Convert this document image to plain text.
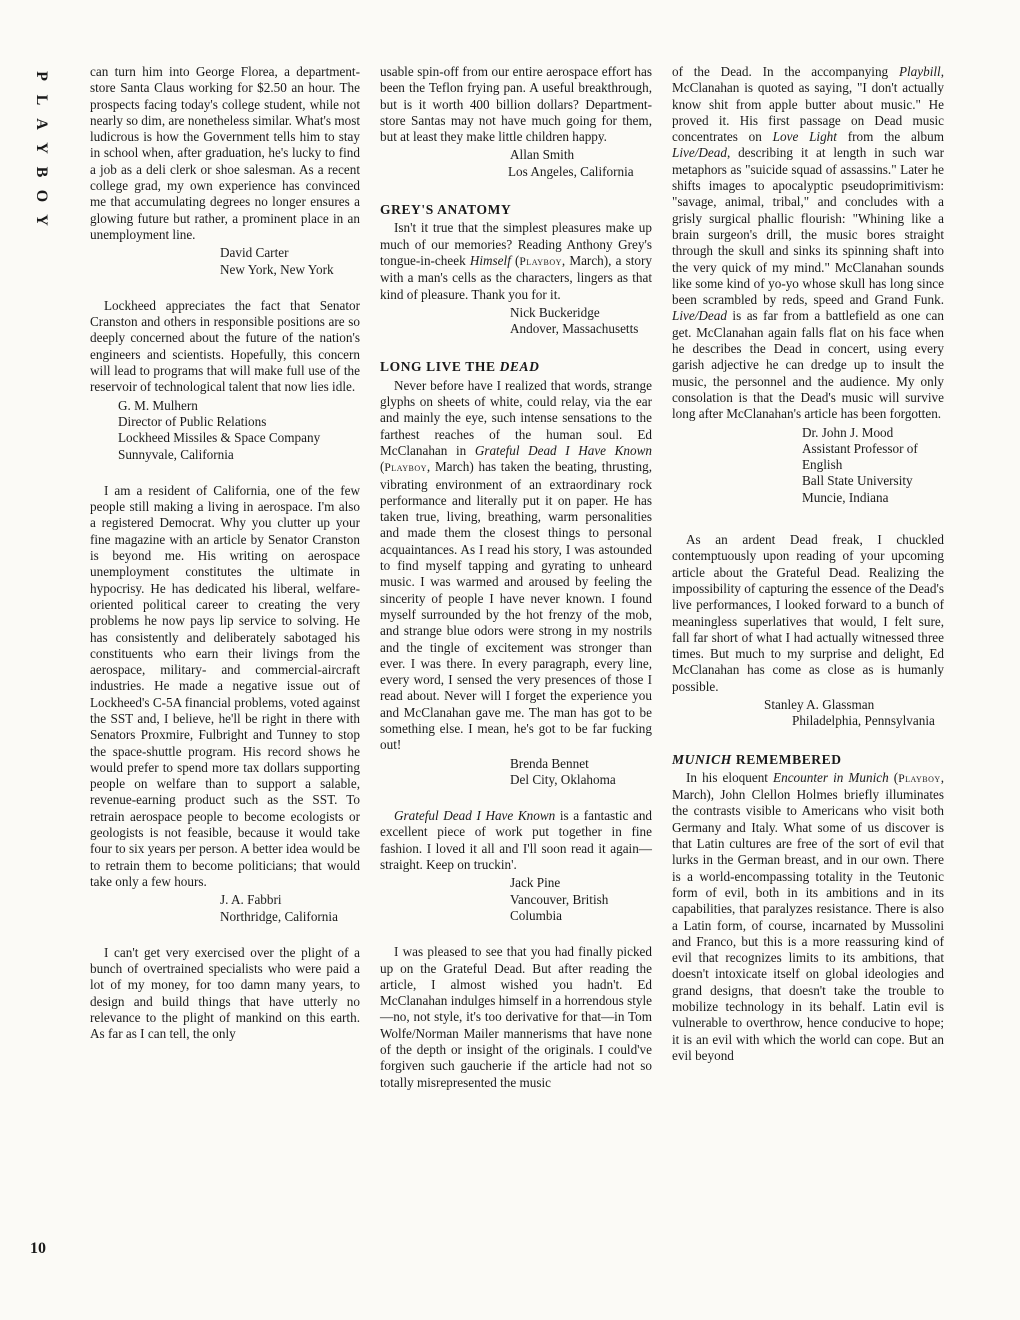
P
L
A
Y
B
O
Y
10

can turn him into George Florea, a department-store Santa Claus working for $2.50 an hour. The prospects facing today's college student, while not nearly so dim, are nonetheless similar. What's most ludicrous is how the Government tells him to stay in school when, after graduation, he's lucky to find a job as a deli clerk or shoe salesman. As a recent college grad, my own experience has convinced me that accumulating degrees no longer ensures a glowing future but rather, a prominent place in an unemployment line.

David Carter
New York, New York

Lockheed appreciates the fact that Senator Cranston and others in responsible positions are so deeply concerned about the future of the nation's engineers and scientists. Hopefully, this concern will lead to programs that will make full use of the reservoir of technological talent that now lies idle.

G. M. Mulhern
Director of Public Relations
Lockheed Missiles & Space Company
Sunnyvale, California

I am a resident of California, one of the few people still making a living in aerospace. I'm also a registered Democrat. Why you clutter up your fine magazine with an article by Senator Cranston is beyond me. His writing on aerospace unemployment constitutes the ultimate in hypocrisy. He has dedicated his liberal, welfare-oriented political career to creating the very problems he now pays lip service to solving. He has consistently and deliberately sabotaged his constituents who earn their livings from the aerospace, military- and commercial-aircraft industries. He made a negative issue out of Lockheed's C-5A financial problems, voted against the SST and, I believe, he'll be right in there with Senators Proxmire, Fulbright and Tunney to stop the space-shuttle program. His record shows he would prefer to spend more tax dollars supporting people on welfare than to support a salable, revenue-earning product such as the SST. To retrain aerospace people to become ecologists or geologists is not feasible, because it would take four to six years per person. A better idea would be to retrain them to become politicians; that would take only a few hours.

J. A. Fabbri
Northridge, California

I can't get very exercised over the plight of a bunch of overtrained specialists who were paid a lot of my money, for too damn many years, to design and build things that have utterly no relevance to the plight of mankind on this earth. As far as I can tell, the only

usable spin-off from our entire aerospace effort has been the Teflon frying pan. A useful breakthrough, but is it worth 400 billion dollars? Department-store Santas may not have much going for them, but at least they make little children happy.

Allan Smith
Los Angeles, California
GREY'S ANATOMY

Isn't it true that the simplest pleasures make up much of our memories? Reading Anthony Grey's tongue-in-cheek Himself (Playboy, March), a story with a man's cells as the characters, lingers as that kind of pleasure. Thank you for it.

Nick Buckeridge
Andover, Massachusetts
LONG LIVE THE DEAD

Never before have I realized that words, strange glyphs on sheets of white, could relay, via the ear and mainly the eye, such intense sensations to the farthest reaches of the human soul. Ed McClanahan in Grateful Dead I Have Known (Playboy, March) has taken the beating, thrusting, vibrating environment of an extraordinary rock performance and literally put it on paper. He has taken true, living, breathing, warm personalities and made them the closest things to personal acquaintances. As I read his story, I was astounded to find myself tapping and gyrating to unheard music. I was warmed and aroused by feeling the sincerity of people I have never known. I found myself surrounded by the hot frenzy of the mob, and strange blue odors were strong in my nostrils and the tingle of excitement was stronger than ever. I was there. In every paragraph, every line, every word, I sensed the very presences of those I read about. Never will I forget the experience you and McClanahan gave me. The man has got to be something else. I mean, he's got to be far fucking out!

Brenda Bennet
Del City, Oklahoma

Grateful Dead I Have Known is a fantastic and excellent piece of work put together in fine fashion. I loved it all and I'll soon read it again—straight. Keep on truckin'.

Jack Pine
Vancouver, British Columbia

I was pleased to see that you had finally picked up on the Grateful Dead. But after reading the article, I almost wished you hadn't. Ed McClanahan indulges himself in a horrendous style—no, not style, it's too derivative for that—in Tom Wolfe/Norman Mailer mannerisms that have none of the depth or insight of the originals. I could've forgiven such gaucherie if the article had not so totally misrepresented the music

of the Dead. In the accompanying Playbill, McClanahan is quoted as saying, "I don't actually know shit from apple butter about music." He proved it. His first passage on Dead music concentrates on Love Light from the album Live/Dead, describing it at length in such war metaphors as "suicide squad of assassins." Later he shifts images to apocalyptic pseudoprimitivism: "savage, animal, tribal," and concludes with a grisly surgical phallic flourish: "Whining like a brain surgeon's drill, the music bores straight through the skull and sinks its spinning shaft into the very quick of my mind." McClanahan sounds like some kind of yo-yo whose skull has long since been scrambled by reds, speed and Grand Funk. Live/Dead is as far from a battlefield as one can get. McClanahan again falls flat on his face when he describes the Dead in concert, using every garish adjective he can dredge up to insult the music, the personnel and the audience. My only consolation is that the Dead's music will survive long after McClanahan's article has been forgotten.

Dr. John J. Mood
Assistant Professor of English
Ball State University
Muncie, Indiana

As an ardent Dead freak, I chuckled contemptuously upon reading of your upcoming article about the Grateful Dead. Realizing the impossibility of capturing the essence of the Dead's live performances, I looked forward to a bunch of meaningless superlatives that would, I felt sure, fall far short of what I had actually witnessed three times. But much to my surprise and delight, Ed McClanahan has come as close as is humanly possible.

Stanley A. Glassman
Philadelphia, Pennsylvania
MUNICH REMEMBERED

In his eloquent Encounter in Munich (Playboy, March), John Clellon Holmes briefly illuminates the contrasts visible to Americans who visit both Germany and Italy. What some of us discover is that Latin cultures are free of the sort of evil that lurks in the German breast, and in our own. There is a world-encompassing totality in the Teutonic form of evil, both in its ambitions and in its capabilities, that paralyzes resistance. There is also a Latin form, of course, incarnated by Mussolini and Franco, but this is a more reassuring kind of evil that recognizes limits to its ambitions, that doesn't intoxicate itself on global ideologies and grand designs, that doesn't take the trouble to mobilize technology in its behalf. Latin evil is vulnerable to overthrow, hence conducive to hope; it is an evil with which the world can cope. But an evil beyond
